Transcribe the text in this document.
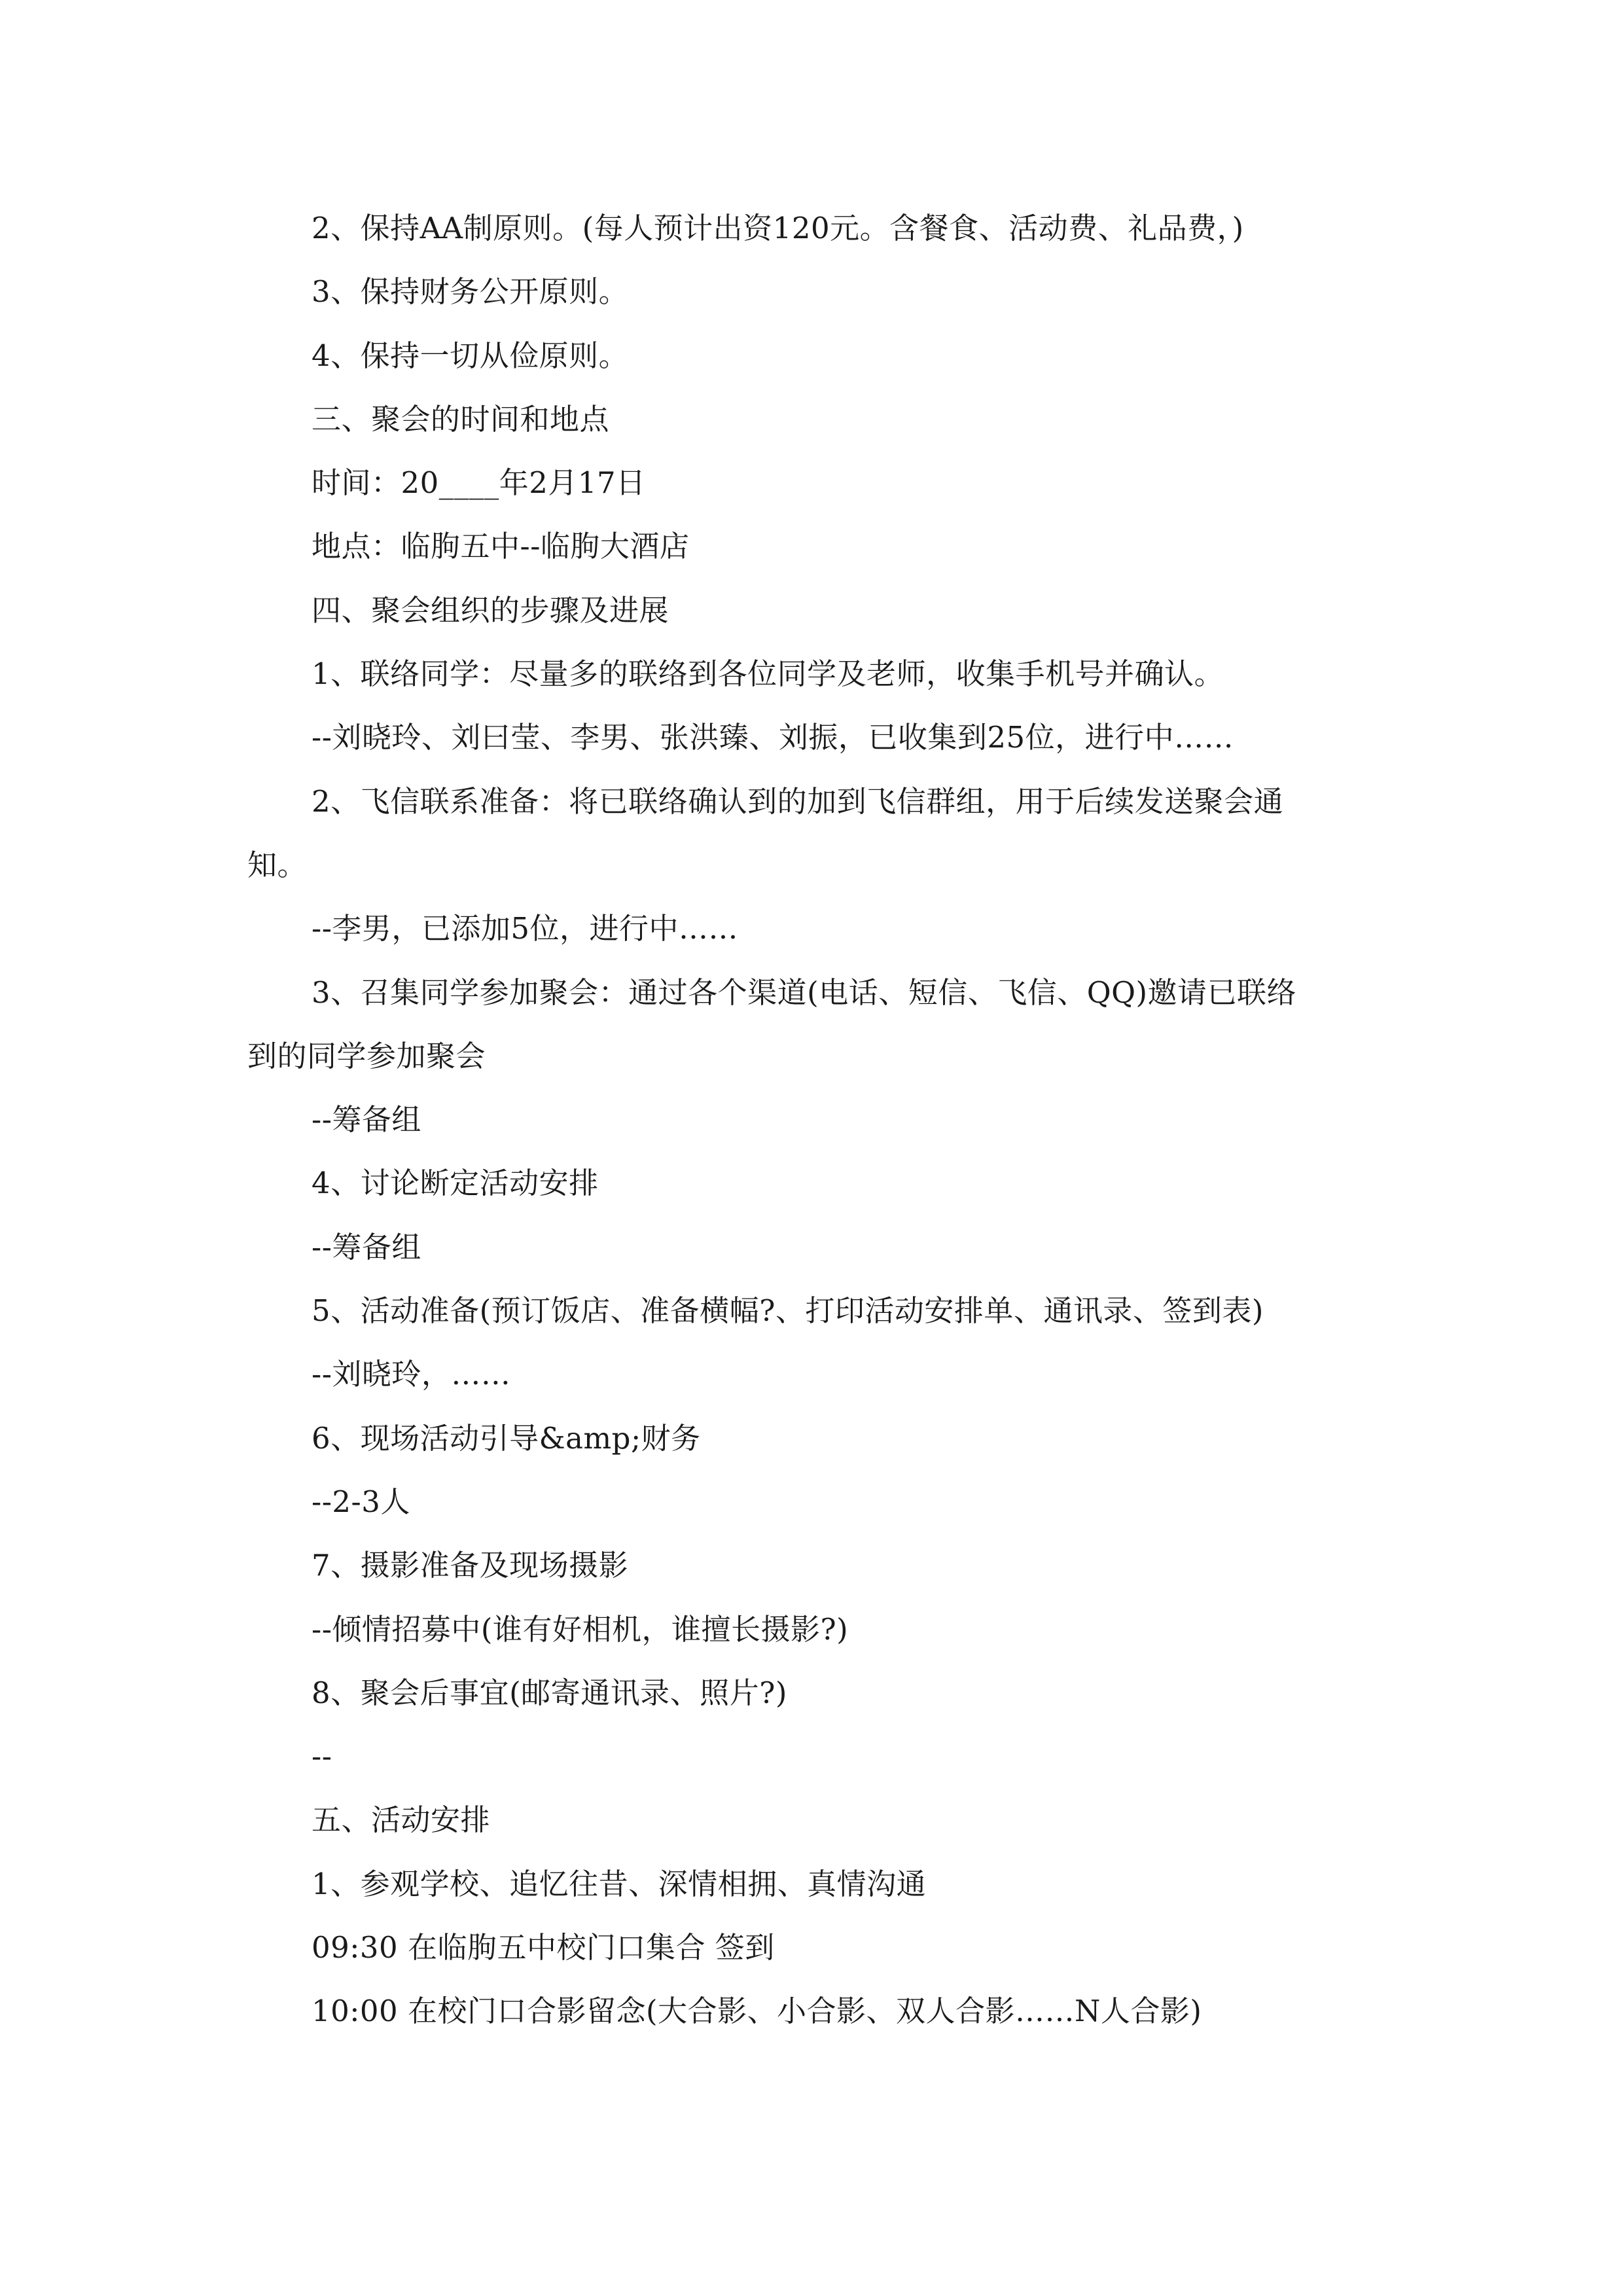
2、保持AA制原则。(每人预计出资120元。含餐食、活动费、礼品费，)
3、保持财务公开原则。
4、保持一切从俭原则。
三、聚会的时间和地点
时间：20____年2月17日
地点：临朐五中--临朐大酒店
四、聚会组织的步骤及进展
1、联络同学：尽量多的联络到各位同学及老师，收集手机号并确认。
--刘晓玲、刘曰莹、李男、张洪臻、刘振，已收集到25位，进行中……
2、飞信联系准备：将已联络确认到的加到飞信群组，用于后续发送聚会通
知。
--李男，已添加5位，进行中……
3、召集同学参加聚会：通过各个渠道(电话、短信、飞信、QQ)邀请已联络
到的同学参加聚会
--筹备组
4、讨论断定活动安排
--筹备组
5、活动准备(预订饭店、准备横幅?、打印活动安排单、通讯录、签到表)
--刘晓玲，……
6、现场活动引导&amp;财务
--2-3人
7、摄影准备及现场摄影
--倾情招募中(谁有好相机，谁擅长摄影?)
8、聚会后事宜(邮寄通讯录、照片?)
--
五、活动安排
1、参观学校、追忆往昔、深情相拥、真情沟通
09:30 在临朐五中校门口集合 签到
10:00 在校门口合影留念(大合影、小合影、双人合影……N人合影)
